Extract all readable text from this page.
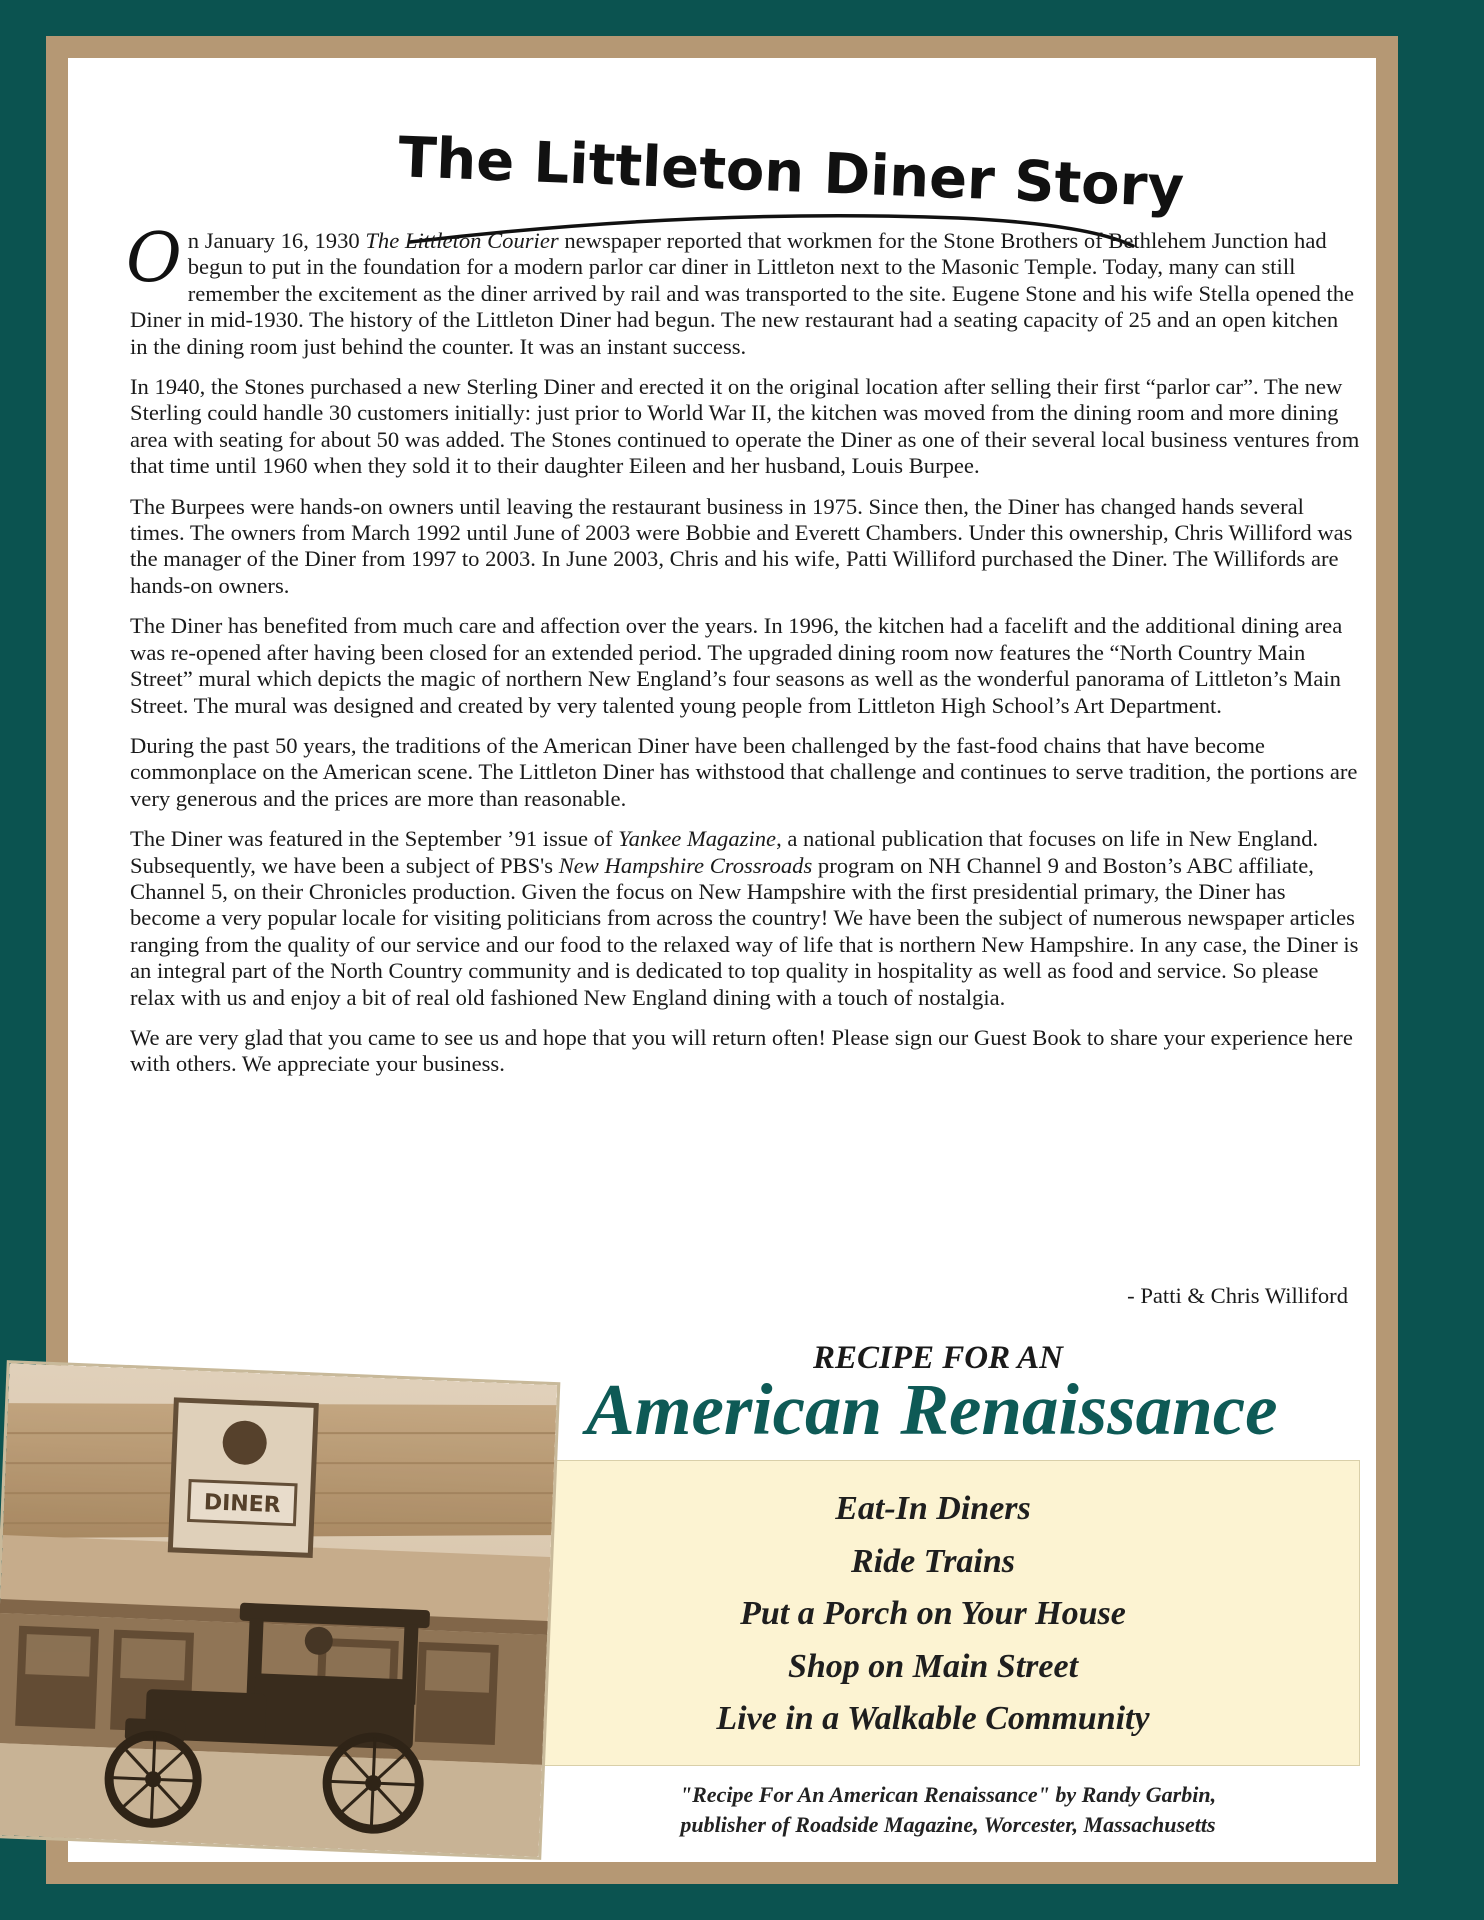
The Littleton Diner Story

On January 16, 1930 The Littleton Courier newspaper reported that workmen for the Stone Brothers of Bethlehem Junction had begun to put in the foundation for a modern parlor car diner in Littleton next to the Masonic Temple. Today, many can still remember the excitement as the diner arrived by rail and was transported to the site. Eugene Stone and his wife Stella opened the Diner in mid-1930. The history of the Littleton Diner had begun. The new restaurant had a seating capacity of 25 and an open kitchen in the dining room just behind the counter. It was an instant success.

In 1940, the Stones purchased a new Sterling Diner and erected it on the original location after selling their first “parlor car”. The new Sterling could handle 30 customers initially: just prior to World War II, the kitchen was moved from the dining room and more dining area with seating for about 50 was added. The Stones continued to operate the Diner as one of their several local business ventures from that time until 1960 when they sold it to their daughter Eileen and her husband, Louis Burpee.

The Burpees were hands-on owners until leaving the restaurant business in 1975. Since then, the Diner has changed hands several times. The owners from March 1992 until June of 2003 were Bobbie and Everett Chambers. Under this ownership, Chris Williford was the manager of the Diner from 1997 to 2003. In June 2003, Chris and his wife, Patti Williford purchased the Diner. The Willifords are hands-on owners.

The Diner has benefited from much care and affection over the years. In 1996, the kitchen had a facelift and the additional dining area was re-opened after having been closed for an extended period. The upgraded dining room now features the “North Country Main Street” mural which depicts the magic of northern New England’s four seasons as well as the wonderful panorama of Littleton’s Main Street. The mural was designed and created by very talented young people from Littleton High School’s Art Department.

During the past 50 years, the traditions of the American Diner have been challenged by the fast-food chains that have become commonplace on the American scene. The Littleton Diner has withstood that challenge and continues to serve tradition, the portions are very generous and the prices are more than reasonable.

The Diner was featured in the September ’91 issue of Yankee Magazine, a national publication that focuses on life in New England. Subsequently, we have been a subject of PBS's New Hampshire Crossroads program on NH Channel 9 and Boston’s ABC affiliate, Channel 5, on their Chronicles production. Given the focus on New Hampshire with the first presidential primary, the Diner has become a very popular locale for visiting politicians from across the country! We have been the subject of numerous newspaper articles ranging from the quality of our service and our food to the relaxed way of life that is northern New Hampshire. In any case, the Diner is an integral part of the North Country community and is dedicated to top quality in hospitality as well as food and service. So please relax with us and enjoy a bit of real old fashioned New England dining with a touch of nostalgia.

We are very glad that you came to see us and hope that you will return often! Please sign our Guest Book to share your experience here with others. We appreciate your business.

- Patti & Chris Williford
RECIPE FOR AN
American Renaissance
Eat-In Diners
Ride Trains
Put a Porch on Your House
Shop on Main Street
Live in a Walkable Community
"Recipe For An American Renaissance" by Randy Garbin,
publisher of Roadside Magazine, Worcester, Massachusetts
DINER
